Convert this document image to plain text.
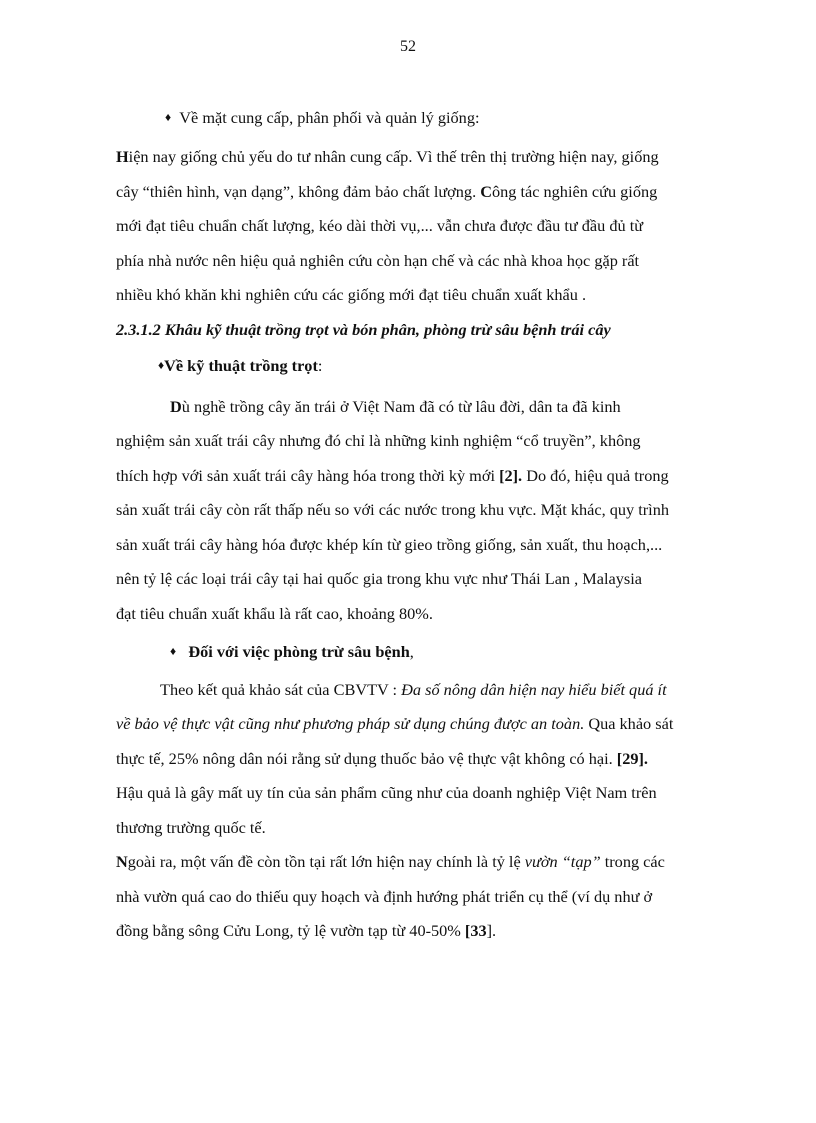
52
♦ Về mặt cung cấp, phân phối và quản lý giống:
Hiện nay giống chủ yếu do tư nhân cung cấp. Vì thế trên thị trường hiện nay, giống
cây “thiên hình, vạn dạng”, không đảm bảo chất lượng. Công tác nghiên cứu giống
mới đạt tiêu chuẩn chất lượng, kéo dài thời vụ,... vẫn chưa được đầu tư đầu đủ từ
phía nhà nước nên hiệu quả nghiên cứu còn hạn chế và các nhà khoa học gặp rất
nhiều khó khăn khi nghiên cứu các giống mới đạt tiêu chuẩn xuất khẩu .
2.3.1.2 Khâu kỹ thuật trồng trọt và bón phân, phòng trừ sâu bệnh trái cây
♦Về kỹ thuật trồng trọt:
Dù nghề trồng cây ăn trái ở Việt Nam đã có từ lâu đời, dân ta đã kinh
nghiệm sản xuất trái cây nhưng đó chỉ là những kinh nghiệm “cổ truyền”, không
thích hợp với sản xuất trái cây hàng hóa trong thời kỳ mới [2]. Do đó, hiệu quả trong
sản xuất trái cây còn rất thấp nếu so với các nước trong khu vực. Mặt khác, quy trình
sản xuất trái cây hàng hóa được khép kín từ gieo trồng giống, sản xuất, thu hoạch,...
nên tỷ lệ các loại trái cây tại hai quốc gia trong khu vực như Thái Lan , Malaysia
đạt tiêu chuẩn xuất khẩu là rất cao, khoảng 80%.
♦ Đối với việc phòng trừ sâu bệnh,
Theo kết quả khảo sát của CBVTV : Đa số nông dân hiện nay hiểu biết quá ít
về bảo vệ thực vật cũng như phương pháp sử dụng chúng được an toàn. Qua khảo sát
thực tế, 25% nông dân nói rằng sử dụng thuốc bảo vệ thực vật không có hại. [29].
Hậu quả là gây mất uy tín của sản phẩm cũng như của doanh nghiệp Việt Nam trên
thương trường quốc tế.
Ngoài ra, một vấn đề còn tồn tại rất lớn hiện nay chính là tỷ lệ vườn “tạp” trong các
nhà vườn quá cao do thiếu quy hoạch và định hướng phát triển cụ thể (ví dụ như ở
đồng bằng sông Cửu Long, tỷ lệ vườn tạp từ 40-50% [33].
